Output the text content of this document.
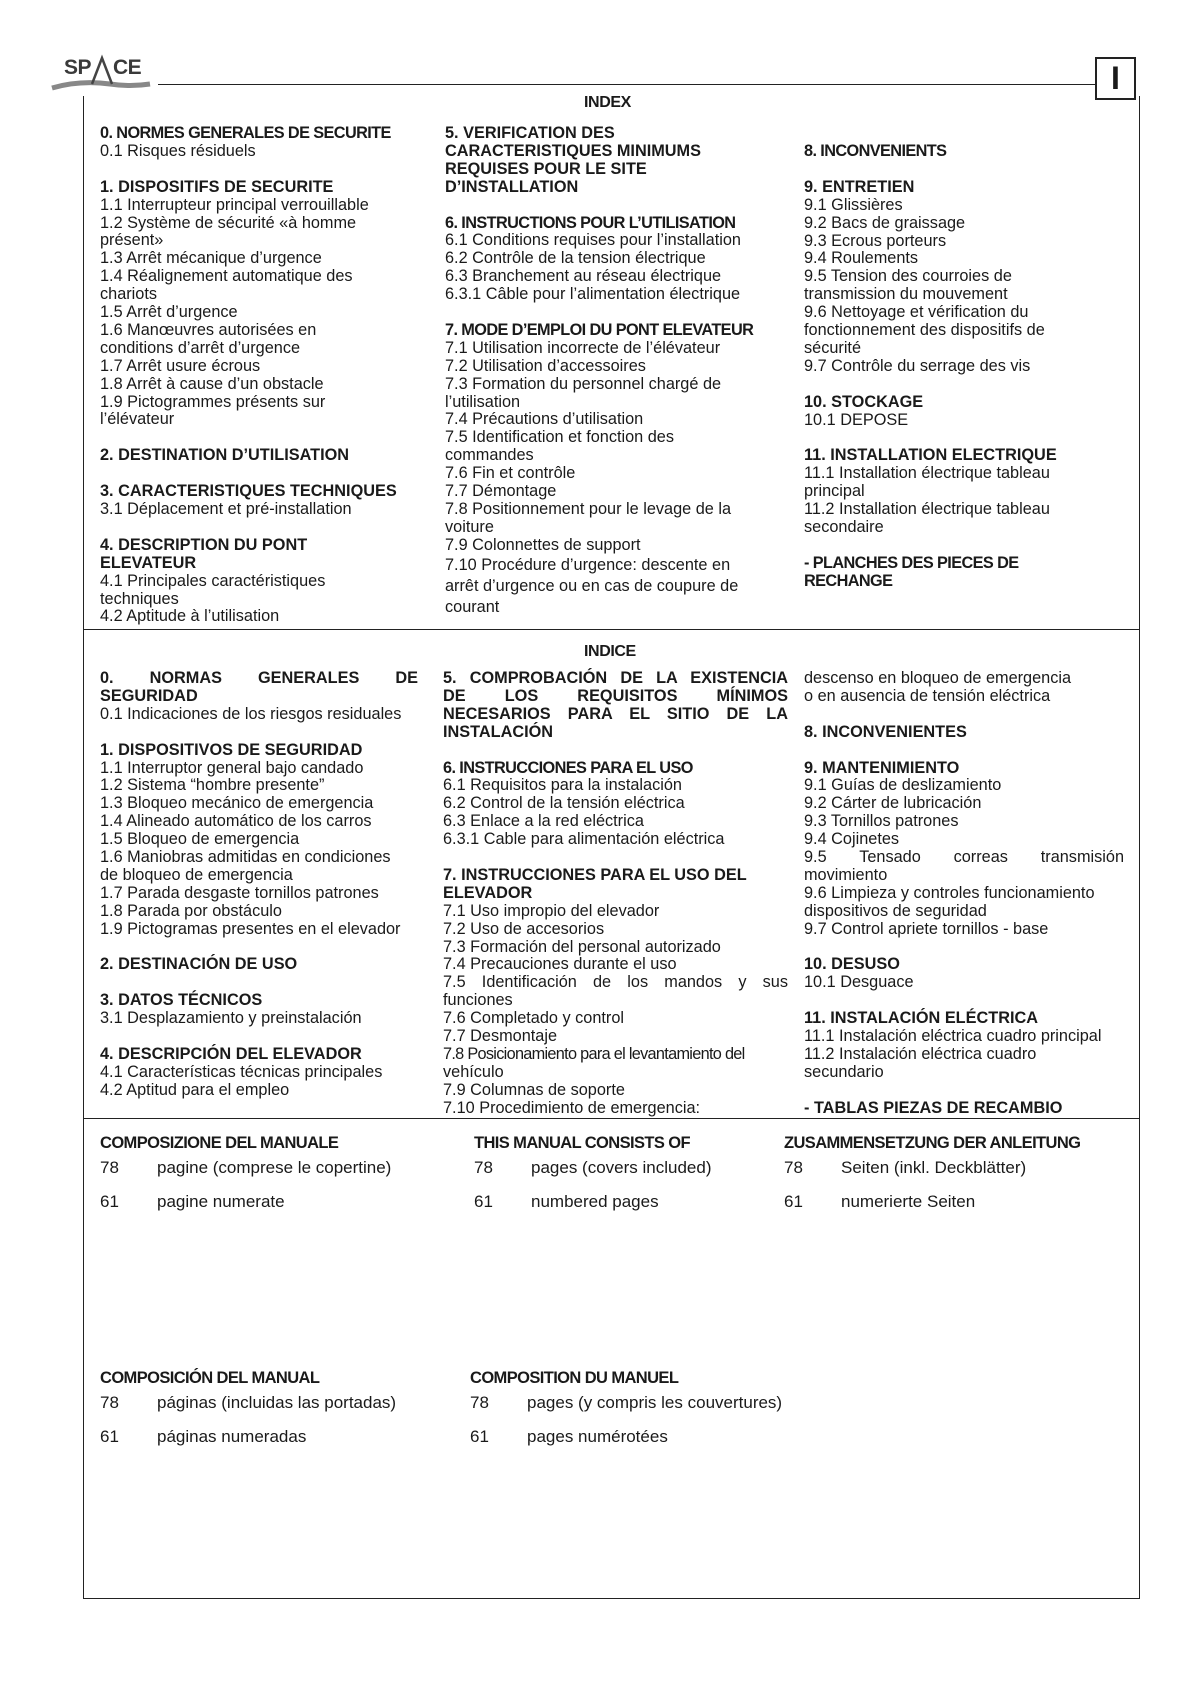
SP CE	I
INDEX
0. NORMES GENERALES DE SECURITE
0.1 Risques résiduels
1. DISPOSITIFS DE SECURITE
1.1 Interrupteur principal verrouillable
1.2 Système de sécurité «à homme
présent»
1.3 Arrêt mécanique d’urgence
1.4 Réalignement automatique des
chariots
1.5 Arrêt d’urgence
1.6 Manœuvres autorisées en
conditions d’arrêt d’urgence
1.7 Arrêt usure écrous
1.8 Arrêt à cause d’un obstacle
1.9 Pictogrammes présents sur
l’élévateur
2. DESTINATION D’UTILISATION
3. CARACTERISTIQUES TECHNIQUES
3.1 Déplacement et pré-installation
4. DESCRIPTION DU PONT
ELEVATEUR
4.1 Principales caractéristiques
techniques
4.2 Aptitude à l’utilisation
5. VERIFICATION DES
CARACTERISTIQUES MINIMUMS
REQUISES POUR LE SITE
D’INSTALLATION
6. INSTRUCTIONS POUR L’UTILISATION
6.1 Conditions requises pour l’installation
6.2 Contrôle de la tension électrique
6.3 Branchement au réseau électrique
6.3.1 Câble pour l’alimentation électrique
7. MODE D’EMPLOI DU PONT ELEVATEUR
7.1 Utilisation incorrecte de l’élévateur
7.2 Utilisation d’accessoires
7.3 Formation du personnel chargé de
l’utilisation
7.4 Précautions d’utilisation
7.5 Identification et fonction des
commandes
7.6 Fin et contrôle
7.7 Démontage
7.8 Positionnement pour le levage de la
voiture
7.9 Colonnettes de support
7.10 Procédure d’urgence: descente en
arrêt d’urgence ou en cas de coupure de
courant
8. INCONVENIENTS
9. ENTRETIEN
9.1 Glissières
9.2 Bacs de graissage
9.3 Ecrous porteurs
9.4 Roulements
9.5 Tension des courroies de
transmission du mouvement
9.6 Nettoyage et vérification du
fonctionnement des dispositifs de
sécurité
9.7 Contrôle du serrage des vis
10. STOCKAGE
10.1 DEPOSE
11. INSTALLATION ELECTRIQUE
11.1 Installation électrique tableau
principal
11.2 Installation électrique tableau
secondaire
- PLANCHES DES PIECES DE
RECHANGE
INDICE
0. NORMAS GENERALES DE
SEGURIDAD
0.1 Indicaciones de los riesgos residuales
1. DISPOSITIVOS DE SEGURIDAD
1.1 Interruptor general bajo candado
1.2 Sistema “hombre presente”
1.3 Bloqueo mecánico de emergencia
1.4 Alineado automático de los carros
1.5 Bloqueo de emergencia
1.6 Maniobras admitidas en condiciones
de bloqueo de emergencia
1.7 Parada desgaste tornillos patrones
1.8 Parada por obstáculo
1.9 Pictogramas presentes en el elevador
2. DESTINACIÓN DE USO
3. DATOS TÉCNICOS
3.1 Desplazamiento y preinstalación
4. DESCRIPCIÓN DEL ELEVADOR
4.1 Características técnicas principales
4.2 Aptitud para el empleo
5. COMPROBACIÓN DE LA EXISTENCIA
DE LOS REQUISITOS MÍNIMOS
NECESARIOS PARA EL SITIO DE LA
INSTALACIÓN
6. INSTRUCCIONES PARA EL USO
6.1 Requisitos para la instalación
6.2 Control de la tensión eléctrica
6.3 Enlace a la red eléctrica
6.3.1 Cable para alimentación eléctrica
7. INSTRUCCIONES PARA EL USO DEL
ELEVADOR
7.1 Uso impropio del elevador
7.2 Uso de accesorios
7.3 Formación del personal autorizado
7.4 Precauciones durante el uso
7.5 Identificación de los mandos y sus
funciones
7.6 Completado y control
7.7 Desmontaje
7.8 Posicionamiento para el levantamiento del
vehículo
7.9 Columnas de soporte
7.10 Procedimiento de emergencia:
descenso en bloqueo de emergencia
o en ausencia de tensión eléctrica
8. INCONVENIENTES
9. MANTENIMIENTO
9.1 Guías de deslizamiento
9.2 Cárter de lubricación
9.3 Tornillos patrones
9.4 Cojinetes
9.5 Tensado correas transmisión
movimiento
9.6 Limpieza y controles funcionamiento
dispositivos de seguridad
9.7 Control apriete tornillos - base
10. DESUSO
10.1 Desguace
11. INSTALACIÓN ELÉCTRICA
11.1 Instalación eléctrica cuadro principal
11.2 Instalación eléctrica cuadro
secundario
- TABLAS PIEZAS DE RECAMBIO
COMPOSIZIONE DEL MANUALE
78	pagine (comprese le copertine)
61	pagine numerate
THIS MANUAL CONSISTS OF
78	pages (covers included)
61	numbered pages
ZUSAMMENSETZUNG DER ANLEITUNG
78	Seiten (inkl. Deckblätter)
61	numerierte Seiten
COMPOSICIÓN DEL MANUAL
78	páginas (incluidas las portadas)
61	páginas numeradas
COMPOSITION DU MANUEL
78	pages (y compris les couvertures)
61	pages numérotées
